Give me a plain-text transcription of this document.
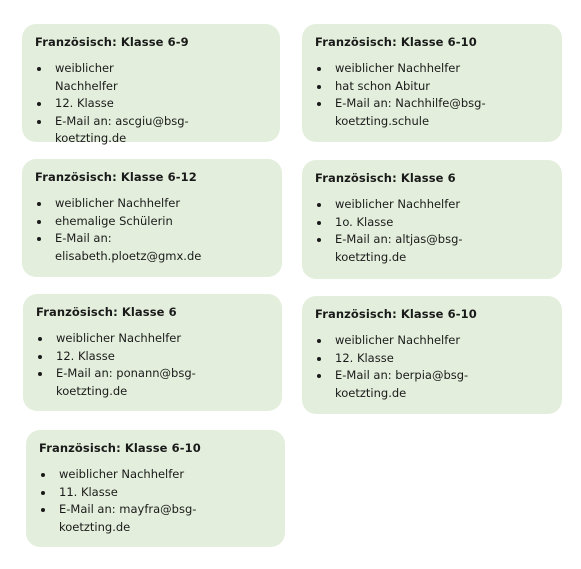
Französisch: Klasse 6-9
weiblicher Nachhelfer
12. Klasse
E-Mail an: ascgiu@bsg-koetzting.de
Französisch: Klasse 6-10
weiblicher Nachhelfer
hat schon Abitur
E-Mail an: Nachhilfe@bsg-koetzting.schule
Französisch: Klasse 6-12
weiblicher Nachhelfer
ehemalige Schülerin
E-Mail an: elisabeth.ploetz@gmx.de
Französisch: Klasse 6
weiblicher Nachhelfer
1o. Klasse
E-Mail an: altjas@bsg-koetzting.de
Französisch: Klasse 6
weiblicher Nachhelfer
12. Klasse
E-Mail an: ponann@bsg-koetzting.de
Französisch: Klasse 6-10
weiblicher Nachhelfer
12. Klasse
E-Mail an: berpia@bsg-koetzting.de
Französisch: Klasse 6-10
weiblicher Nachhelfer
11. Klasse
E-Mail an: mayfra@bsg-koetzting.de
